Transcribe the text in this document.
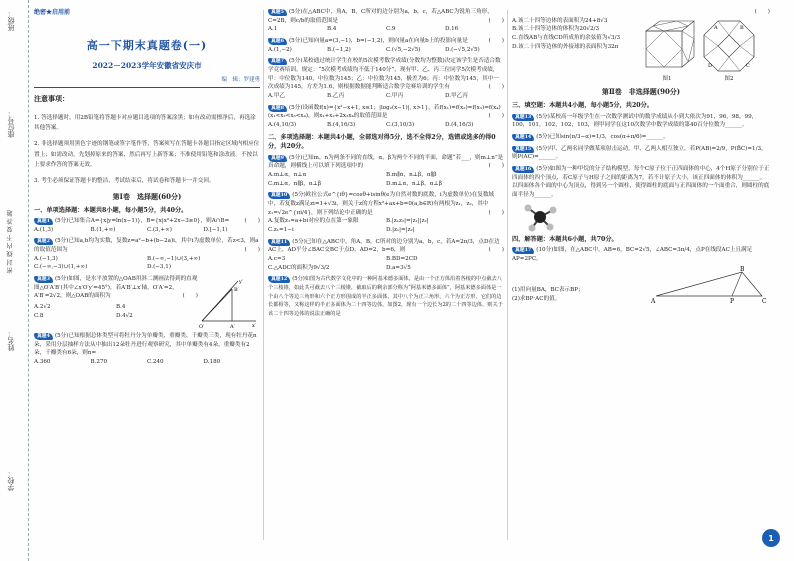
班级：
座位号：
密 封 线 内 不 要 答 题
姓名：
学校：
绝密★启用前
高一下期末真题卷(一)
2022－2023学年安徽省安庆市
编　辑：罗建勇
注意事项：
1. 答选择题时，用2B铅笔将答题卡对应题目选项的答案涂黑；如有改动需擦净后，再选涂其他答案。
2. 非选择题须用黑色字迹的钢笔或签字笔作答，答案须写在答题卡各题目指定区域内相应位置上；如需改动，先划掉原来的答案，然后再写上新答案；不准使用铅笔和涂改液。不按以上要求作答的答案无效。
3. 考生必须保证答题卡的整洁，考试结束后，将试卷和答题卡一并交回。
第Ⅰ卷　选择题(60分)
一、单项选择题：本题共8小题，每小题5分，共40分。
真题1 (5分)已知集合A={x|y=ln(x−1)}，B={x|x²+2x−3≥0}，则A∩B=	(　　)
A.(1,3)	B.(1,+∞)	C.(3,+∞)	D.[−1,1)
真题2 (5分)已知a,b均为实数，复数z=a²−b+(b−2a)i，其中i为虚数单位，若z<3，则a的取值范围为	(　　)
A.(−1,3)	B.(−∞,−1)∪(3,+∞)
C.(−∞,−3)∪(1,+∞)	D.(−3,1)
真题3 (5分)如图，是水平放置的△OAB用斜二测画法得到的直观图△O′A′B′(其中∠x′O′y′=45°)，若A′B′⊥x′轴，O′A′=2，A′B′=2√2，则△OAB的面积为	(　　)
A.2√2	B.4
C.8	D.4√2
y′
x′
O′	A′
B′
真题4 (5分)已知根据总体类型可将牡丹分为单瓣类、重瓣类、千瓣类三类，现有牡丹花n朵，采用分层抽样方法从中抽出12朵牡丹进行观察研究，其中单瓣类有4朵，重瓣类有2朵，千瓣类有6朵，则n=
A.360	B.270	C.240	D.180
真题5 (5分)在△ABC中，角A，B，C所对的边分别为a，b，c，若△ABC为锐角三角形，C=2B，则c/b的取值范围是	(　　)
A.1	B.4	C.9	D.16
真题6 (5分)已知向量a=(3,−1)，b=(−1,2)，则向量a在向量b上的投影向量是	(　　)
A.(1,−2)	B.(−1,2)	C.(√5,−2√5)	D.(−√5,2√5)
真题7 (5分)某校通过统计学生在校的5次模考数学成绩(分数均为整数)决定该学生是否适合数学竞赛培训。规定：“5次模考成绩均不低于140分”，现有甲、乙、丙三位同学5次模考成绩，甲：中位数为140，中位数为145；乙：中位数为145，极差为6；丙：中位数为145，其中一次成绩为145，方差为1.6，则根据数据能判断适合数学竞赛培训的学生有	(　　)
A.甲乙	B.乙丙	C.甲丙	D.甲乙丙
真题8 (5分)设函数f(x)={x²−x+1, x≤1；|log₂(x−1)|, x>1}，若f(x₁)=f(x₂)=f(x₃)=f(x₄)(x₁<x₂<x₃<x₄)，则x₁+x₂+2x₃x₄的取值范围是	(　　)
A.(4,10/3)	B.(4,16/3)	C.(3,10/3)	D.(4,16/3)
二、多项选择题：本题共4小题，全部选对得5分，选不全得2分，选错或选多的得0分，共20分。
真题9 (5分)已知m，n为两条不同的直线，α，β为两个不同的平面，命题“若___，则m⊥n”是真命题，则横线上可以填下列选项中的	(　　)
A.m⊥α，n⊥α	B.m∥α，n⊥β，α∥β
C.m⊥α，n∥β，α⊥β	D.m⊥α，n⊥β，α⊥β
真题10 (5分)欧拉公式e^{iθ}=cosθ+isinθ(e为自然对数的底数，i为虚数单位)在复数域中，若复数z满足zi=1+√3i，则关于z的方程x²+ax+b=0(a,b∈R)有两根为z₁，z₂，其中z₁=√2e^{πi/4}，则下列结论中正确的是	(　　)
A.复数z₁=a+bi对应的点在第一象限	B.|z₁z₂|=|z₁||z₂|
C.z₁=1−i	D.|z₁|=|z₂|
真题11 (5分)已知在△ABC中，角A，B，C所对的边分别为a，b，c，若A=2π/3，点D在边AC上，AD平分∠BAC交BC于点D，AD=2，b=6，则	(　　)
A.c=3	B.BD=2CD
C.△ADC的面积为9√3/2	D.a=3√5
真题12 (5分)如图为古代数学文化中的一种阿基米德多面体，是由一个正方体沿着各棱的中点截去八个三棱锥，如此共可截去八个三棱锥，截取后的剩余部分称为“阿基米德多面体”，阿基米德多面体是一个由八个等边三角形和六个正方形围成的半正多面体，其中八个为正三角形，六个为正方形，它们的边长都相等，又称这样的半正多面体为二十四等边体。如图2，现有一个边长为2的二十四等边体，则关于该二十四等边体的说法正确的是
(　　)
A.该二十四等边体的表面积为24+8√3
B.该二十四等边体的体积为20√2/3
C.直线AB与直线CD所成角的余弦值为√3/3
D.该二十四等边体的外接球的表面积为32π
图1
A	B
C
D
图2
第Ⅱ卷　非选择题(90分)
三、填空题：本题共4小题，每小题5分，共20分。
真题13 (5分)某校高一年级学生在一次数学测试中的数学成绩从小到大依次为91，96，98，99，100，101，102，102，103，则甲同学在这10次数学中数学成绩的第40百分位数为______。
真题14 (5分)已知sin(π/3−α)=1/3，cos(α+π/6)=______。
真题15 (5分)甲、乙两名同学做某项射击运动，甲、乙两人相互独立，若P(AB)=2/9，P(B̄C)=1/3，则P(AC)=______。
真题16 (5分)如图为一种甲烷的分子结构模型，每个C原子位于正四面体的中心，4个H原子分别位于正四面体的四个顶点，若C原子与H原子之间的距离为7，若不计原子大小，该正四面体的体积为______。以四面体各个面的中心为顶点，得到另一个圆柱，使得圆柱的底面与正四面体的一个面重合，则圆柱的底面半径为______。
四、解答题：本题共6小题，共70分。
真题17 (10分)如图，在△ABC中，AB=6，BC=2√5，∠ABC=3π/4，点P在线段AC上且满足AP=2PC。
(1)用向量BA，BC表示BP；
(2)求BP·AC的值。	A
B
C
P
1
